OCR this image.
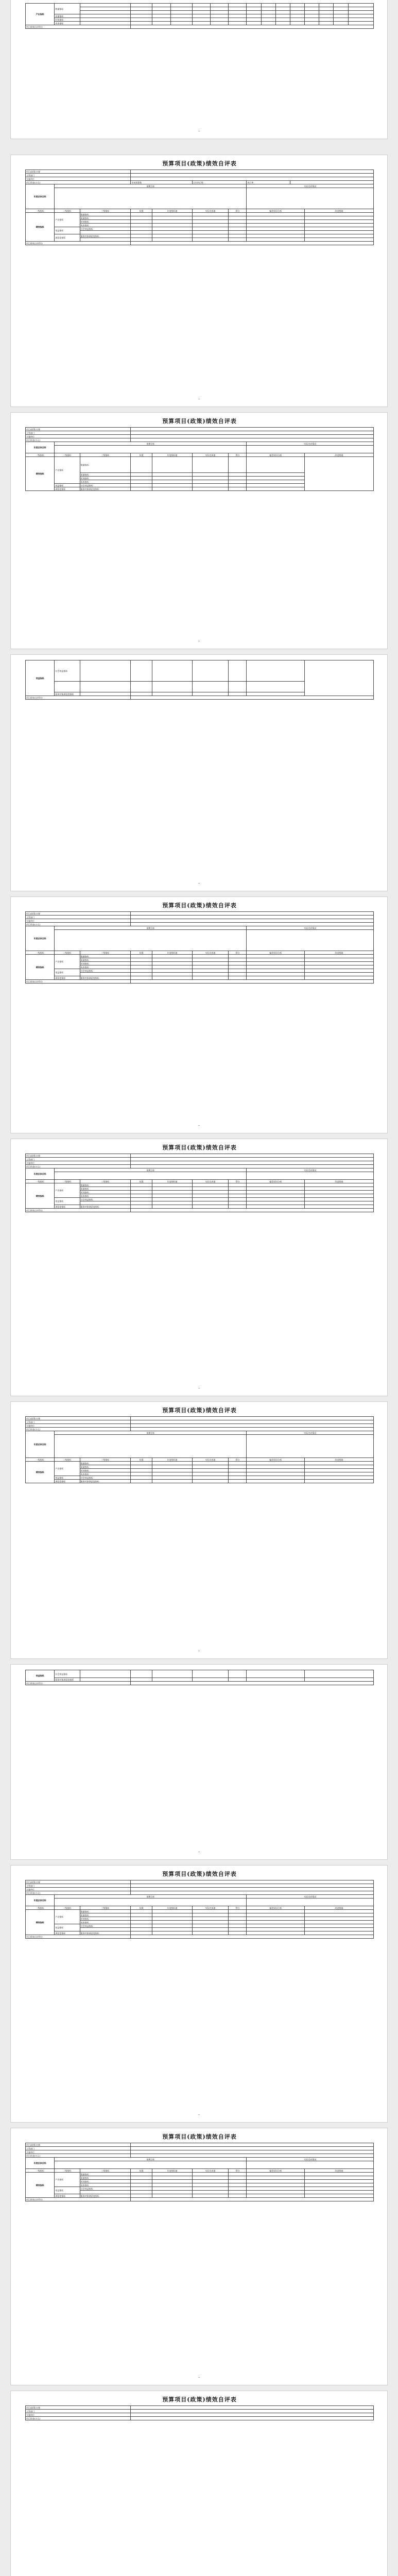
产出指标	数量指标															

	质量指标															
	时效指标															
	成本指标															
项目绩效自评得分																
--
预算项目(政策)绩效自评表
项目(政策)名称									
主管部门									
实施单位									
项目资金(万元)			年初预算数		全年执行数		执行率		
年度总体目标	预期目标						实际完成情况		

一级指标	二级指标	三级指标	权重	年度指标值	实际完成值	得分	偏差原因分析		改进措施
绩效指标	产出指标	数量指标							
		质量指标							
		时效指标							
		成本指标							
	效益指标	社会效益指标							

	满意度指标	服务对象满意度指标							

项目绩效自评得分									
--
预算项目(政策)绩效自评表
项目(政策)名称								
主管部门								
实施单位								
项目资金(万元)								
年度总体目标	预期目标						实际完成情况	

一级指标	二级指标	三级指标	权重	年度指标值	实际完成值	得分	偏差原因分析	改进措施
绩效指标	产出指标	数量指标						
		质量指标						
		时效指标						
		成本指标						
	效益指标	社会效益指标						
	满意度指标	服务对象满意度指标						
--
效益指标	社会效益指标							

	服务对象满意度指标							
项目绩效自评得分								
--
预算项目(政策)绩效自评表
项目(政策)名称								
主管部门								
实施单位								
项目资金(万元)								
年度总体目标	预期目标						实际完成情况	

一级指标	二级指标	三级指标	权重	年度指标值	实际完成值	得分	偏差原因分析	改进措施
绩效指标	产出指标	数量指标						
		质量指标						
		时效指标						
		成本指标						
	效益指标	社会效益指标						

	满意度指标	服务对象满意度指标						
项目绩效自评得分								
--
预算项目(政策)绩效自评表
项目(政策)名称								
主管部门								
实施单位								
项目资金(万元)								
年度总体目标	预期目标						实际完成情况	

一级指标	二级指标	三级指标	权重	年度指标值	实际完成值	得分	偏差原因分析	改进措施
绩效指标	产出指标	数量指标						
		质量指标						
		时效指标						
		成本指标						
	效益指标	社会效益指标						

	满意度指标	服务对象满意度指标						
项目绩效自评得分								
--
预算项目(政策)绩效自评表
项目(政策)名称								
主管部门								
实施单位								
项目资金(万元)								
年度总体目标	预期目标						实际完成情况	

一级指标	二级指标	三级指标	权重	年度指标值	实际完成值	得分	偏差原因分析	改进措施
绩效指标	产出指标	数量指标						
		质量指标						
		时效指标						
		成本指标						
	效益指标	社会效益指标						
	满意度指标	服务对象满意度指标						
--
效益指标	社会效益指标							
	服务对象满意度指标							
项目绩效自评得分								
--
预算项目(政策)绩效自评表
项目(政策)名称								
主管部门								
实施单位								
项目资金(万元)								
年度总体目标	预期目标						实际完成情况	

一级指标	二级指标	三级指标	权重	年度指标值	实际完成值	得分	偏差原因分析	改进措施
绩效指标	产出指标	数量指标						
		质量指标						
		时效指标						
		成本指标						
	效益指标	社会效益指标						

	满意度指标	服务对象满意度指标						
项目绩效自评得分								
--
预算项目(政策)绩效自评表
项目(政策)名称								
主管部门								
实施单位								
项目资金(万元)								
年度总体目标	预期目标						实际完成情况	

一级指标	二级指标	三级指标	权重	年度指标值	实际完成值	得分	偏差原因分析	改进措施
绩效指标	产出指标	数量指标						
		质量指标						
		时效指标						
		成本指标						
	效益指标	社会效益指标						

	满意度指标	服务对象满意度指标						
项目绩效自评得分								
--
预算项目(政策)绩效自评表
项目(政策)名称	
主管部门	
实施单位	
项目资金(万元)	
